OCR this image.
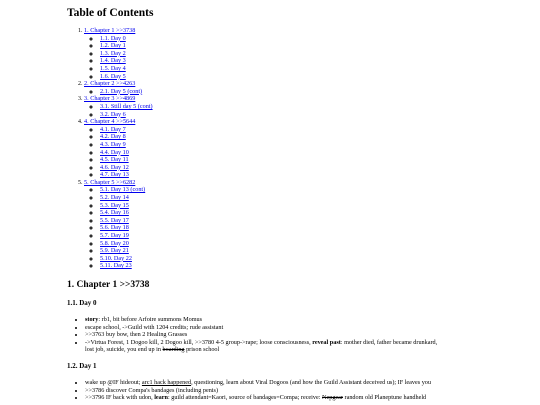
Table of Contents
1. 1. Chapter 1 >>3738
◦ 1.1. Day 0
◦ 1.2. Day 1
◦ 1.3. Day 2
◦ 1.4. Day 3
◦ 1.5. Day 4
◦ 1.6. Day 5
2. 2. Chapter 2 >>4263
◦ 2.1. Day 5 (cont)
3. 3. Chapter 3 >>4869
◦ 3.1. Still day 5 (cont)
◦ 3.2. Day 6
4. 4. Chapter 4 >>5644
◦ 4.1. Day 7
◦ 4.2. Day 8
◦ 4.3. Day 9
◦ 4.4. Day 10
◦ 4.5. Day 11
◦ 4.6. Day 12
◦ 4.7. Day 13
5. 5. Chapter 5 >>6282
◦ 5.1. Day 13 (cont)
◦ 5.2. Day 14
◦ 5.3. Day 15
◦ 5.4. Day 16
◦ 5.5. Day 17
◦ 5.6. Day 18
◦ 5.7. Day 19
◦ 5.8. Day 20
◦ 5.9. Day 21
◦ 5.10. Day 22
◦ 5.11. Day 23
1. Chapter 1 >>3738
1.1. Day 0
• story: rb1, bit before Arfoire summons Momus
• escape school, ->Guild with 1204 credits; rude assistant
• >>3763 buy bow, then 2 Healing Grasses
• ->Virtua Forest, 1 Dogoo kill, 2 Dogoo kill, >>3780 4-5 group->rape; loose consciousness, reveal past: mother died, father became drunkard,
lost job, suicide, you end up in boarding prison school
1.2. Day 1
• wake up @IF hideout; arc1 hack happened, questioning, learn about Viral Dogoos (and how the Guild Assistant deceived us); IF leaves you
• >>3786 discover Compa's bandages (including penis)
• >>3796 IF back with udon, learn: guild attendant=Kaori, source of bandages=Compa; receive: Nepgear random old Planeptune handheld
